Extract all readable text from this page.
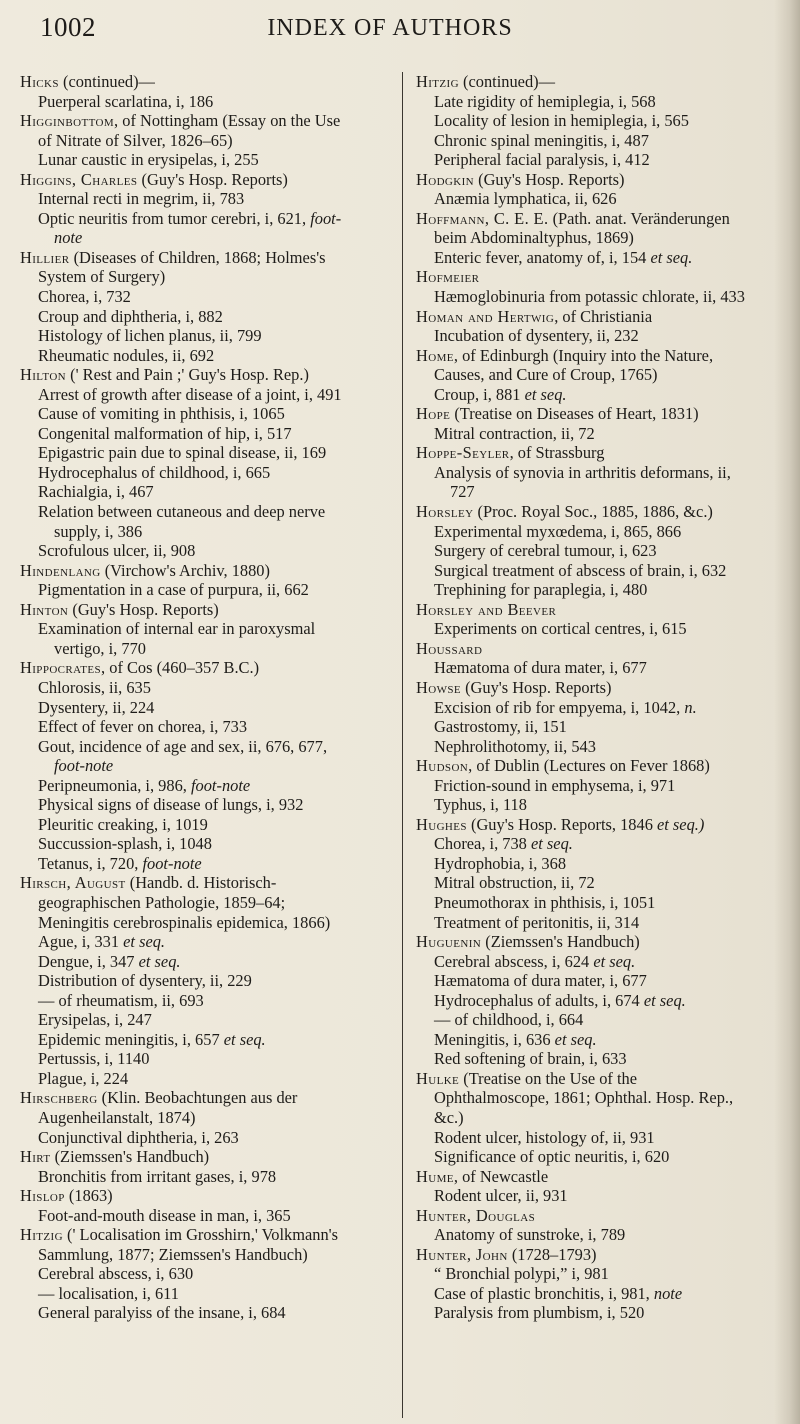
1002	INDEX OF AUTHORS

Hicks (continued)—

Puerperal scarlatina, i, 186

Higginbottom, of Nottingham (Essay on the Use of Nitrate of Silver, 1826–65)

Lunar caustic in erysipelas, i, 255

Higgins, Charles (Guy's Hosp. Reports)

Internal recti in megrim, ii, 783

Optic neuritis from tumor cerebri, i, 621, foot-note

Hillier (Diseases of Children, 1868; Holmes's System of Surgery)

Chorea, i, 732

Croup and diphtheria, i, 882

Histology of lichen planus, ii, 799

Rheumatic nodules, ii, 692

Hilton (' Rest and Pain ;' Guy's Hosp. Rep.)

Arrest of growth after disease of a joint, i, 491

Cause of vomiting in phthisis, i, 1065

Congenital malformation of hip, i, 517

Epigastric pain due to spinal disease, ii, 169

Hydrocephalus of childhood, i, 665

Rachialgia, i, 467

Relation between cutaneous and deep nerve supply, i, 386

Scrofulous ulcer, ii, 908

Hindenlang (Virchow's Archiv, 1880)

Pigmentation in a case of purpura, ii, 662

Hinton (Guy's Hosp. Reports)

Examination of internal ear in paroxysmal vertigo, i, 770

Hippocrates, of Cos (460–357 B.C.)

Chlorosis, ii, 635

Dysentery, ii, 224

Effect of fever on chorea, i, 733

Gout, incidence of age and sex, ii, 676, 677, foot-note

Peripneumonia, i, 986, foot-note

Physical signs of disease of lungs, i, 932

Pleuritic creaking, i, 1019

Succussion-splash, i, 1048

Tetanus, i, 720, foot-note

Hirsch, August (Handb. d. Historisch-geographischen Pathologie, 1859–64; Meningitis cerebrospinalis epidemica, 1866)

Ague, i, 331 et seq.

Dengue, i, 347 et seq.

Distribution of dysentery, ii, 229

— of rheumatism, ii, 693

Erysipelas, i, 247

Epidemic meningitis, i, 657 et seq.

Pertussis, i, 1140

Plague, i, 224

Hirschberg (Klin. Beobachtungen aus der Augenheilanstalt, 1874)

Conjunctival diphtheria, i, 263

Hirt (Ziemssen's Handbuch)

Bronchitis from irritant gases, i, 978

Hislop (1863)

Foot-and-mouth disease in man, i, 365

Hitzig (' Localisation im Grosshirn,' Volkmann's Sammlung, 1877; Ziemssen's Handbuch)

Cerebral abscess, i, 630

— localisation, i, 611

General paralyiss of the insane, i, 684

Hitzig (continued)—

Late rigidity of hemiplegia, i, 568

Locality of lesion in hemiplegia, i, 565

Chronic spinal meningitis, i, 487

Peripheral facial paralysis, i, 412

Hodgkin (Guy's Hosp. Reports)

Anæmia lymphatica, ii, 626

Hoffmann, C. E. E. (Path. anat. Veränderungen beim Abdominaltyphus, 1869)

Enteric fever, anatomy of, i, 154 et seq.

Hofmeier

Hæmoglobinuria from potassic chlorate, ii, 433

Homan and Hertwig, of Christiania

Incubation of dysentery, ii, 232

Home, of Edinburgh (Inquiry into the Nature, Causes, and Cure of Croup, 1765)

Croup, i, 881 et seq.

Hope (Treatise on Diseases of Heart, 1831)

Mitral contraction, ii, 72

Hoppe-Seyler, of Strassburg

Analysis of synovia in arthritis deformans, ii, 727

Horsley (Proc. Royal Soc., 1885, 1886, &c.)

Experimental myxœdema, i, 865, 866

Surgery of cerebral tumour, i, 623

Surgical treatment of abscess of brain, i, 632

Trephining for paraplegia, i, 480

Horsley and Beever

Experiments on cortical centres, i, 615

Houssard

Hæmatoma of dura mater, i, 677

Howse (Guy's Hosp. Reports)

Excision of rib for empyema, i, 1042, n.

Gastrostomy, ii, 151

Nephrolithotomy, ii, 543

Hudson, of Dublin (Lectures on Fever 1868)

Friction-sound in emphysema, i, 971

Typhus, i, 118

Hughes (Guy's Hosp. Reports, 1846 et seq.)

Chorea, i, 738 et seq.

Hydrophobia, i, 368

Mitral obstruction, ii, 72

Pneumothorax in phthisis, i, 1051

Treatment of peritonitis, ii, 314

Huguenin (Ziemssen's Handbuch)

Cerebral abscess, i, 624 et seq.

Hæmatoma of dura mater, i, 677

Hydrocephalus of adults, i, 674 et seq.

— of childhood, i, 664

Meningitis, i, 636 et seq.

Red softening of brain, i, 633

Hulke (Treatise on the Use of the Ophthalmoscope, 1861; Ophthal. Hosp. Rep., &c.)

Rodent ulcer, histology of, ii, 931

Significance of optic neuritis, i, 620

Hume, of Newcastle

Rodent ulcer, ii, 931

Hunter, Douglas

Anatomy of sunstroke, i, 789

Hunter, John (1728–1793)

“ Bronchial polypi,” i, 981

Case of plastic bronchitis, i, 981, note

Paralysis from plumbism, i, 520
